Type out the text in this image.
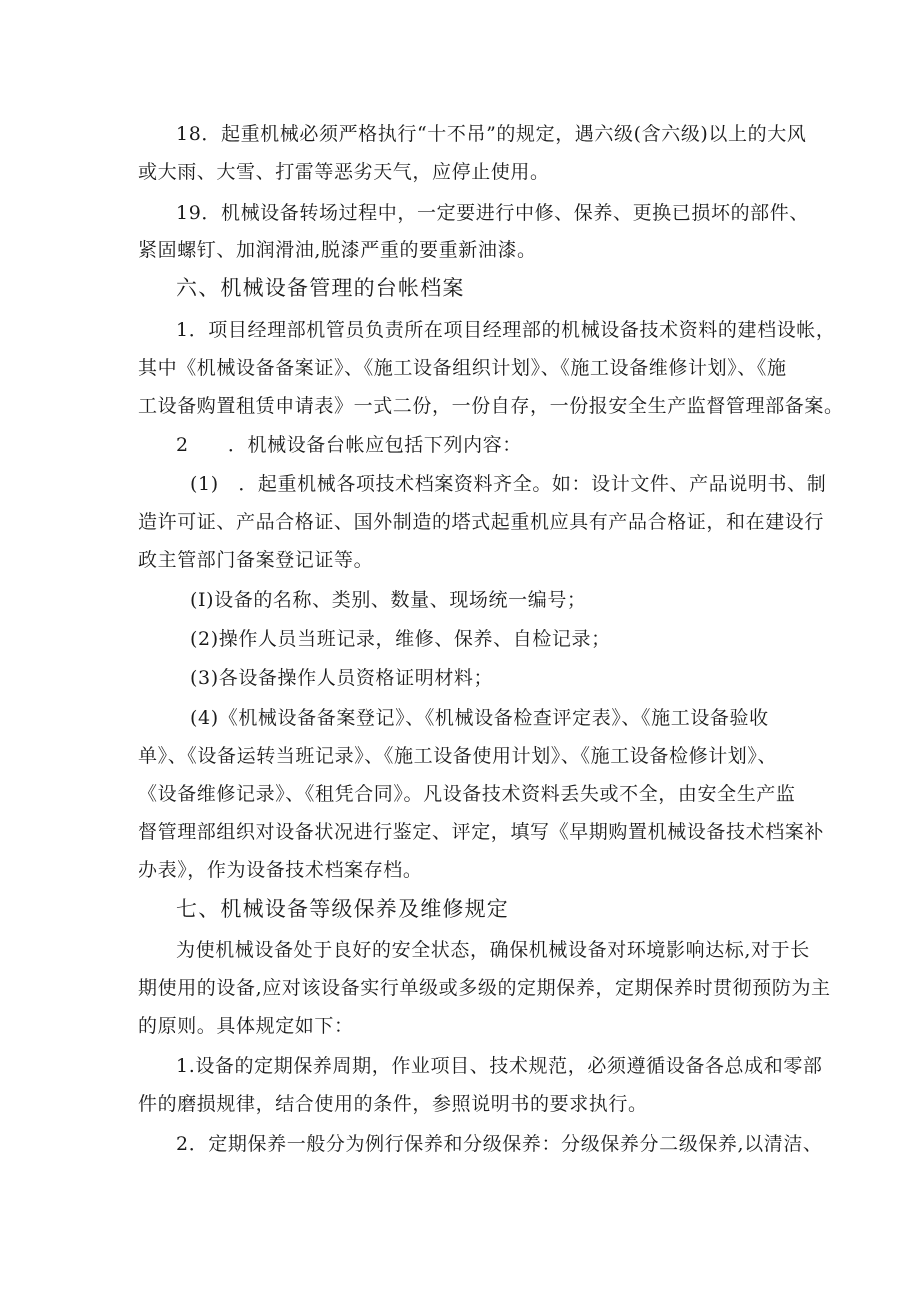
18．起重机械必须严格执行“十不吊”的规定，遇六级(含六级)以上的大风
或大雨、大雪、打雷等恶劣天气，应停止使用。
19．机械设备转场过程中，一定要进行中修、保养、更换已损坏的部件、
紧固螺钉、加润滑油,脱漆严重的要重新油漆。
六、机械设备管理的台帐档案
1．项目经理部机管员负责所在项目经理部的机械设备技术资料的建档设帐，
其中《机械设备备案证》、《施工设备组织计划》、《施工设备维修计划》、《施
工设备购置租赁申请表》一式二份，一份自存，一份报安全生产监督管理部备案。
2　　．机械设备台帐应包括下列内容：
(1)　．起重机械各项技术档案资料齐全。如：设计文件、产品说明书、制
造许可证、产品合格证、国外制造的塔式起重机应具有产品合格证，和在建设行
政主管部门备案登记证等。
(I)设备的名称、类别、数量、现场统一编号；
(2)操作人员当班记录，维修、保养、自检记录；
(3)各设备操作人员资格证明材料；
(4)《机械设备备案登记》、《机械设备检查评定表》、《施工设备验收
单》、《设备运转当班记录》、《施工设备使用计划》、《施工设备检修计划》、
《设备维修记录》、《租凭合同》。凡设备技术资料丢失或不全，由安全生产监
督管理部组织对设备状况进行鉴定、评定，填写《早期购置机械设备技术档案补
办表》，作为设备技术档案存档。
七、机械设备等级保养及维修规定
为使机械设备处于良好的安全状态，确保机械设备对环境影响达标,对于长
期使用的设备,应对该设备实行单级或多级的定期保养，定期保养时贯彻预防为主
的原则。具体规定如下：
1.设备的定期保养周期，作业项目、技术规范，必须遵循设备各总成和零部
件的磨损规律，结合使用的条件，参照说明书的要求执行。
2．定期保养一般分为例行保养和分级保养：分级保养分二级保养,以清洁、
